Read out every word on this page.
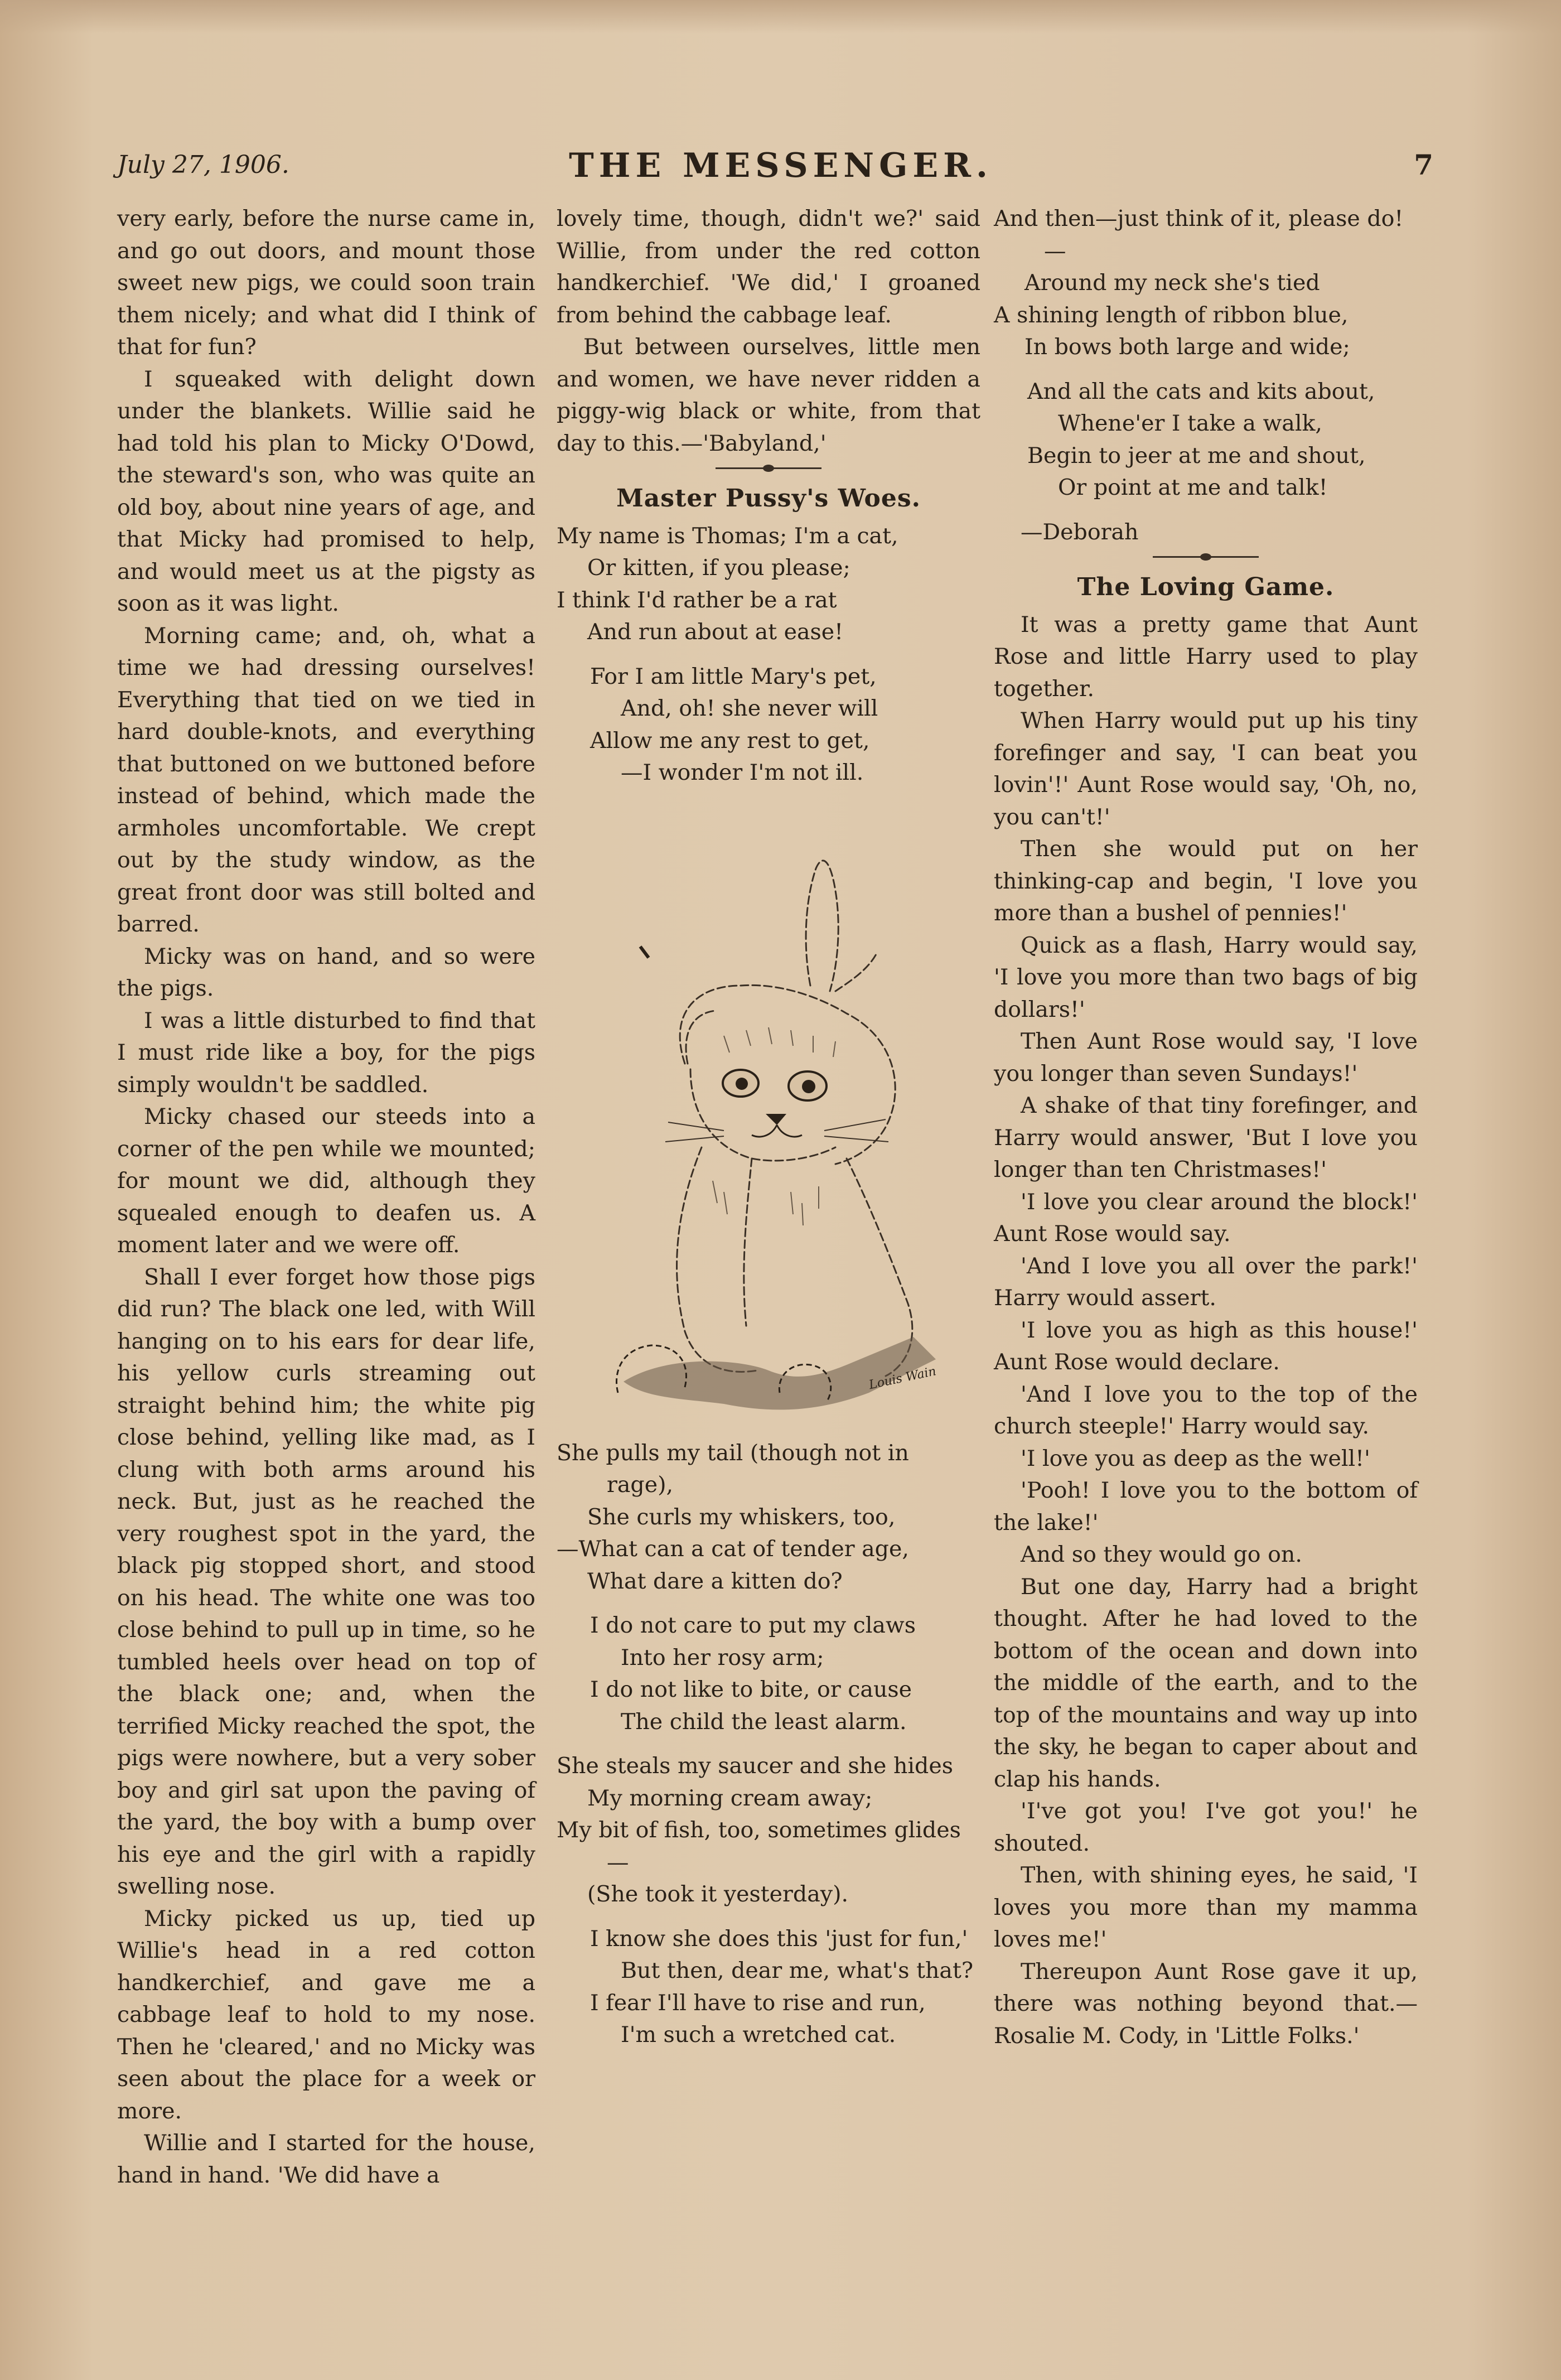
July 27, 1906.	THE MESSENGER.	7

very early, before the nurse came in, and go out doors, and mount those sweet new pigs, we could soon train them nicely; and what did I think of that for fun?

I squeaked with delight down under the blankets. Willie said he had told his plan to Micky O'Dowd, the steward's son, who was quite an old boy, about nine years of age, and that Micky had promised to help, and would meet us at the pigsty as soon as it was light.

Morning came; and, oh, what a time we had dressing ourselves! Everything that tied on we tied in hard double-knots, and everything that buttoned on we buttoned before instead of behind, which made the armholes uncomfortable. We crept out by the study window, as the great front door was still bolted and barred.

Micky was on hand, and so were the pigs.

I was a little disturbed to find that I must ride like a boy, for the pigs simply wouldn't be saddled.

Micky chased our steeds into a corner of the pen while we mounted; for mount we did, although they squealed enough to deafen us. A moment later and we were off.

Shall I ever forget how those pigs did run? The black one led, with Will hanging on to his ears for dear life, his yellow curls streaming out straight behind him; the white pig close behind, yelling like mad, as I clung with both arms around his neck. But, just as he reached the very roughest spot in the yard, the black pig stopped short, and stood on his head. The white one was too close behind to pull up in time, so he tumbled heels over head on top of the black one; and, when the terrified Micky reached the spot, the pigs were nowhere, but a very sober boy and girl sat upon the paving of the yard, the boy with a bump over his eye and the girl with a rapidly swelling nose.

Micky picked us up, tied up Willie's head in a red cotton handkerchief, and gave me a cabbage leaf to hold to my nose. Then he 'cleared,' and no Micky was seen about the place for a week or more.

Willie and I started for the house, hand in hand. 'We did have a

lovely time, though, didn't we?' said Willie, from under the red cotton handkerchief. 'We did,' I groaned from behind the cabbage leaf.

But between ourselves, little men and women, we have never ridden a piggy-wig black or white, from that day to this.—'Babyland,'

Master Pussy's Woes.
My name is Thomas; I'm a cat,
Or kitten, if you please;
I think I'd rather be a rat
And run about at ease!
For I am little Mary's pet,
And, oh! she never will
Allow me any rest to get,
—I wonder I'm not ill.
Louis Wain
She pulls my tail (though not in rage),
She curls my whiskers, too,
—What can a cat of tender age,
What dare a kitten do?
I do not care to put my claws
Into her rosy arm;
I do not like to bite, or cause
The child the least alarm.
She steals my saucer and she hides
My morning cream away;
My bit of fish, too, sometimes glides—
(She took it yesterday).
I know she does this 'just for fun,'
But then, dear me, what's that?
I fear I'll have to rise and run,
I'm such a wretched cat.
And then—just think of it, please do!—
Around my neck she's tied
A shining length of ribbon blue,
In bows both large and wide;
And all the cats and kits about,
Whene'er I take a walk,
Begin to jeer at me and shout,
Or point at me and talk!

—Deborah

The Loving Game.

It was a pretty game that Aunt Rose and little Harry used to play together.

When Harry would put up his tiny forefinger and say, 'I can beat you lovin'!' Aunt Rose would say, 'Oh, no, you can't!'

Then she would put on her thinking-cap and begin, 'I love you more than a bushel of pennies!'

Quick as a flash, Harry would say, 'I love you more than two bags of big dollars!'

Then Aunt Rose would say, 'I love you longer than seven Sundays!'

A shake of that tiny forefinger, and Harry would answer, 'But I love you longer than ten Christmases!'

'I love you clear around the block!' Aunt Rose would say.

'And I love you all over the park!' Harry would assert.

'I love you as high as this house!' Aunt Rose would declare.

'And I love you to the top of the church steeple!' Harry would say.

'I love you as deep as the well!'

'Pooh! I love you to the bottom of the lake!'

And so they would go on.

But one day, Harry had a bright thought. After he had loved to the bottom of the ocean and down into the middle of the earth, and to the top of the mountains and way up into the sky, he began to caper about and clap his hands.

'I've got you! I've got you!' he shouted.

Then, with shining eyes, he said, 'I loves you more than my mamma loves me!'

Thereupon Aunt Rose gave it up, there was nothing beyond that.—Rosalie M. Cody, in 'Little Folks.'
